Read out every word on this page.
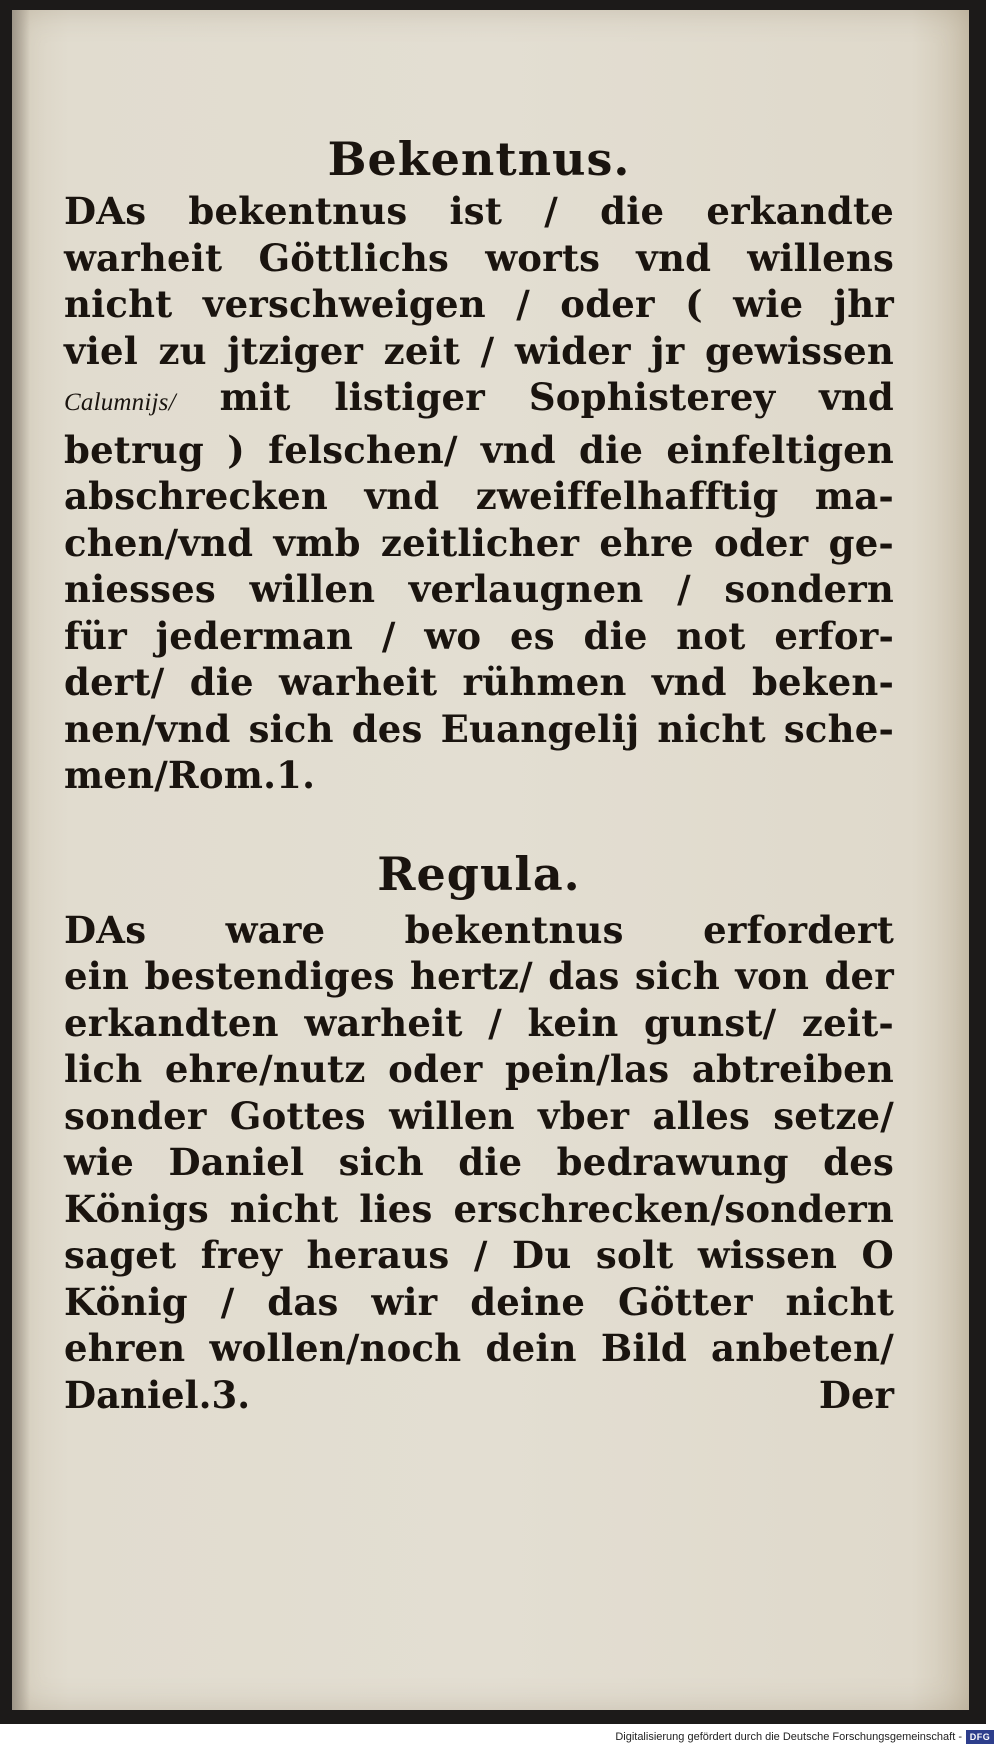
Bekentnus.
DAs bekentnus ist / die erkandte
warheit Göttlichs worts vnd willens
nicht verschweigen / oder ( wie jhr
viel zu jtziger zeit / wider jr gewissen
Calumnijs/ mit listiger Sophisterey vnd
betrug ) felschen/ vnd die einfeltigen
abschrecken vnd zweiffelhafftig ma-
chen/vnd vmb zeitlicher ehre oder ge-
niesses willen verlaugnen / sondern
für jederman / wo es die not erfor-
dert/ die warheit rühmen vnd beken-
nen/vnd sich des Euangelij nicht sche-
men/Rom.1.
Regula.
DAs ware bekentnus erfordert
ein bestendiges hertz/ das sich von der
erkandten warheit / kein gunst/ zeit-
lich ehre/nutz oder pein/las abtreiben
sonder Gottes willen vber alles setze/
wie Daniel sich die bedrawung des
Königs nicht lies erschrecken/sondern
saget frey heraus / Du solt wissen O
König / das wir deine Götter nicht
ehren wollen/noch dein Bild anbeten/
Daniel.3.	Der
Digitalisierung gefördert durch die Deutsche Forschungsgemeinschaft - DFG
